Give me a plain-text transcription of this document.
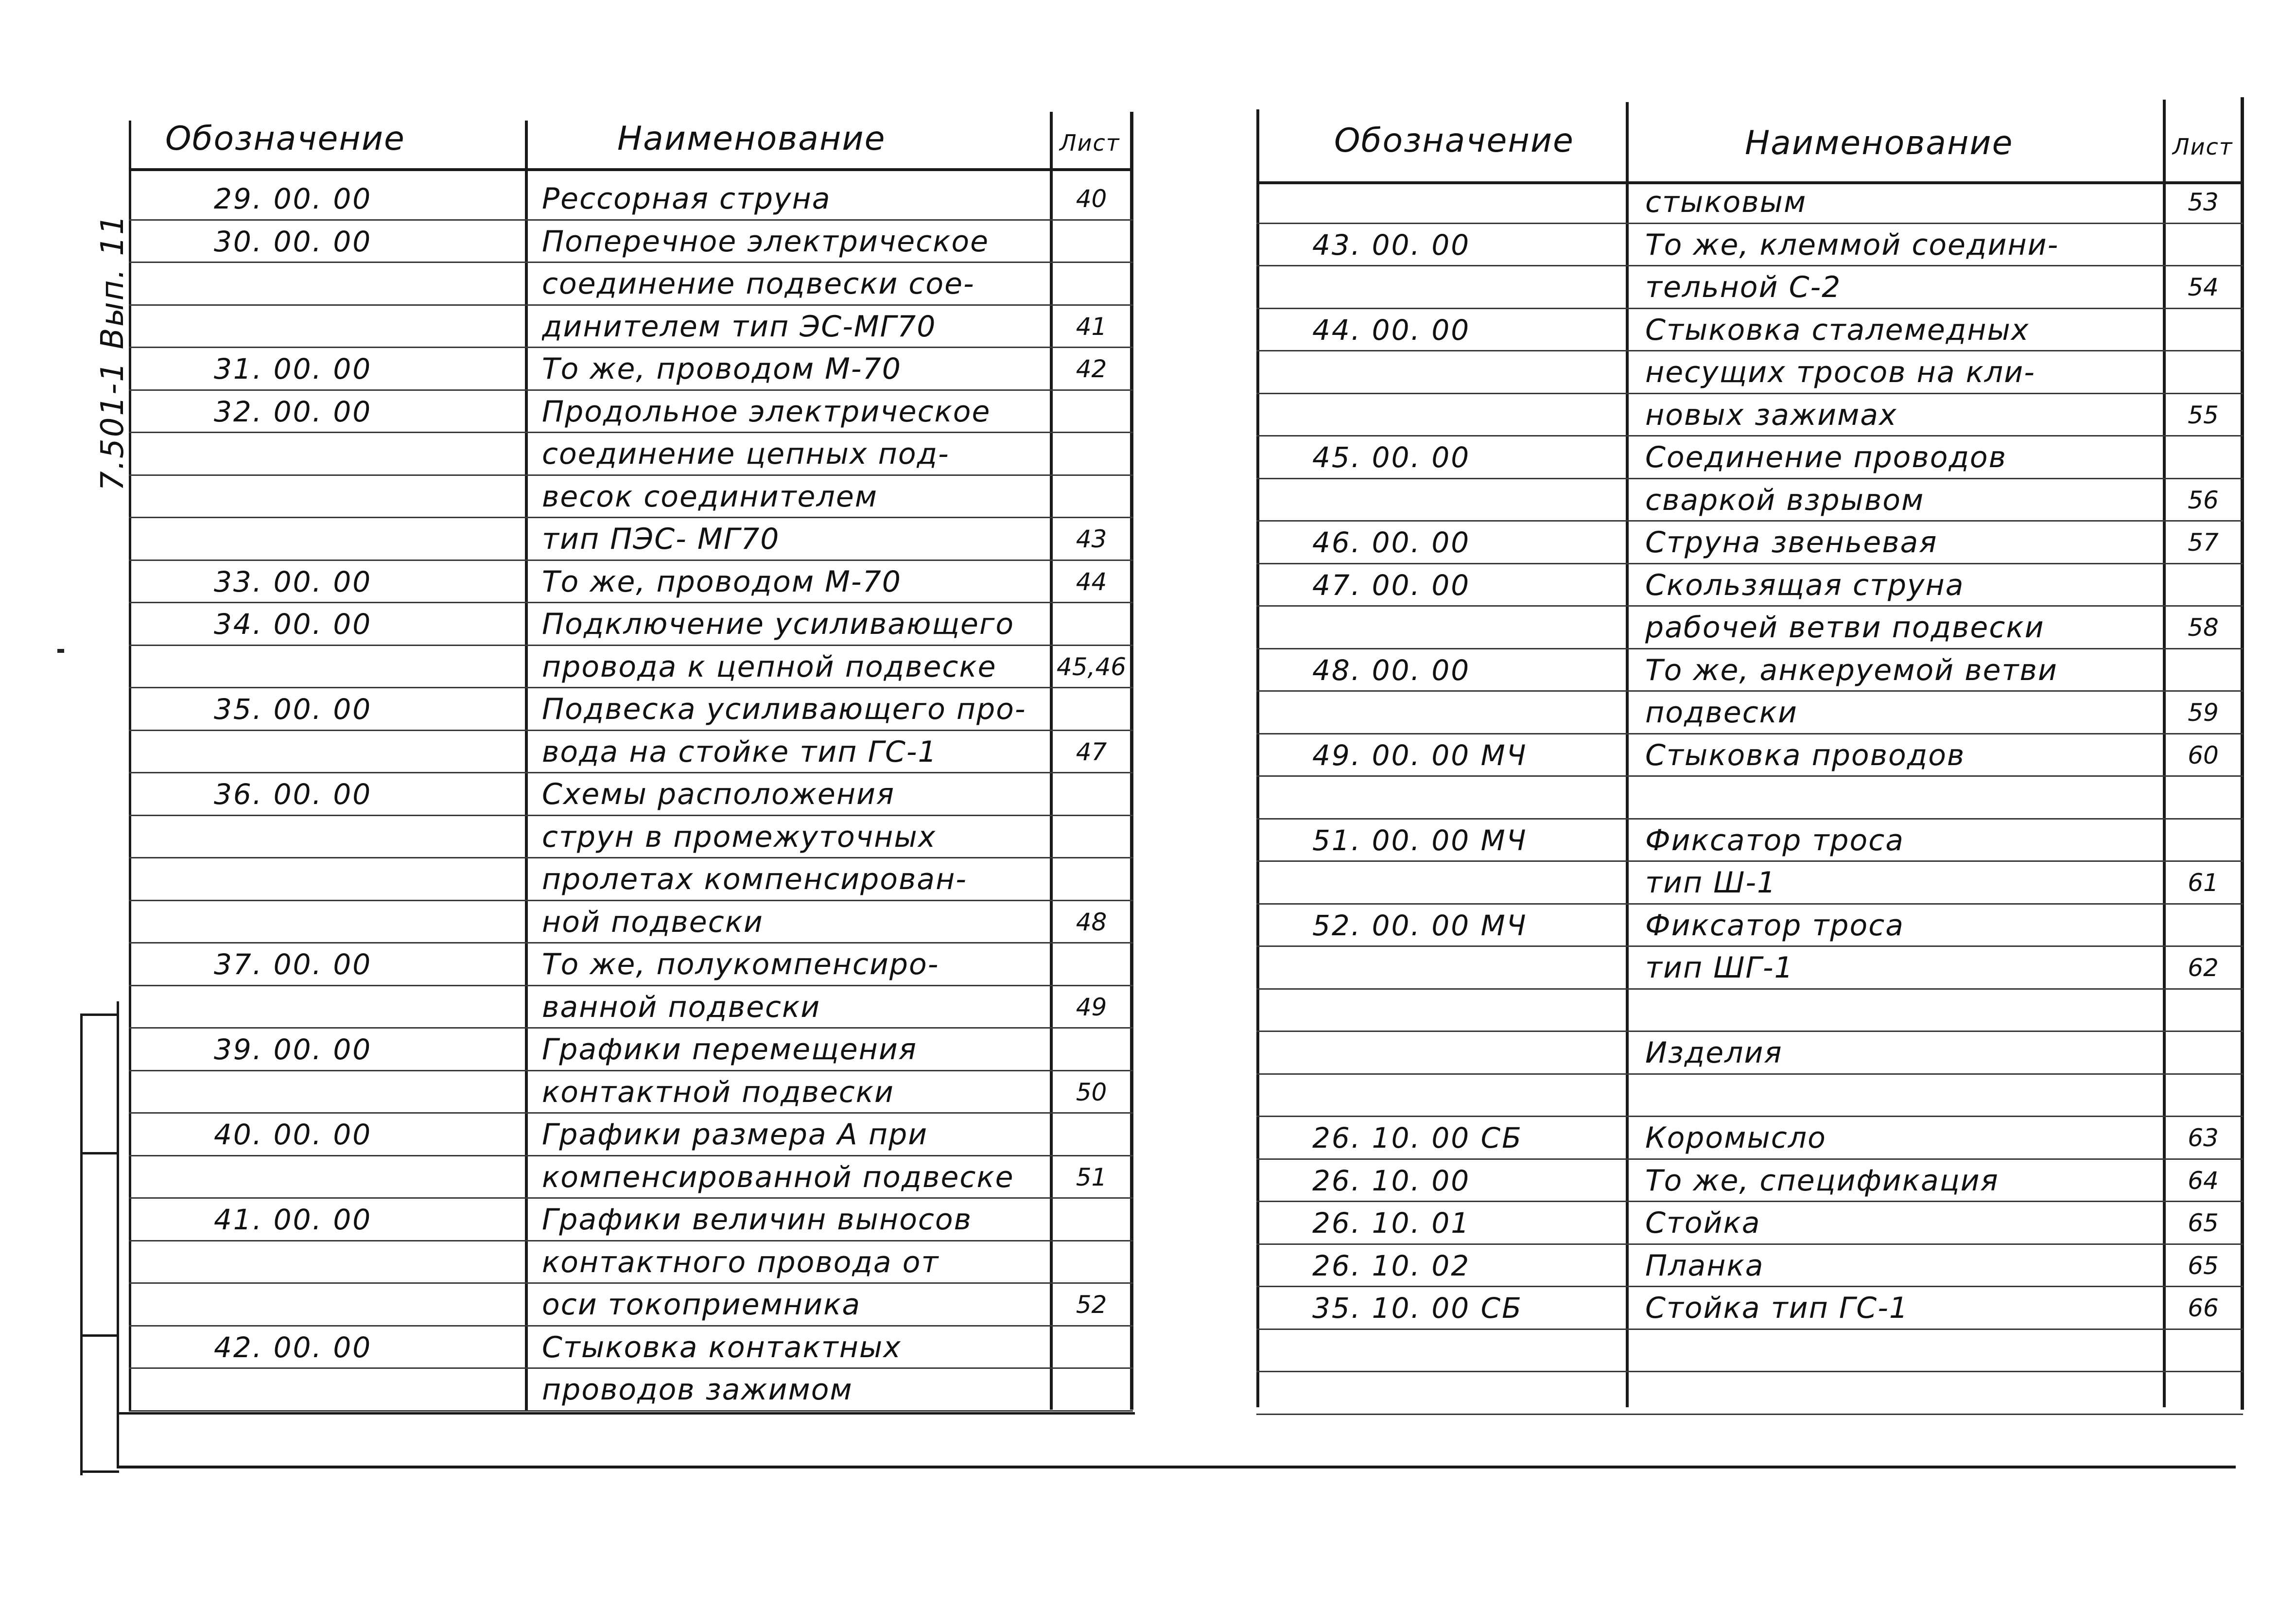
Обозначение	Наименование	Лист
29. 00. 00	Рессорная струна	40
30. 00. 00	Поперечное электрическое
соединение подвески сое-
динителем тип ЭС-МГ70	41
31. 00. 00	То же, проводом М-70	42
32. 00. 00	Продольное электрическое
соединение цепных под-
весок соединителем
тип ПЭС- МГ70	43
33. 00. 00	То же, проводом М-70	44
34. 00. 00	Подключение усиливающего
провода к цепной подвеске	45,46
35. 00. 00	Подвеска усиливающего про-
вода на стойке тип ГС-1	47
36. 00. 00	Схемы расположения
струн в промежуточных
пролетах компенсирован-
ной подвески	48
37. 00. 00	То же, полукомпенсиро-
ванной подвески	49
39. 00. 00	Графики перемещения
контактной подвески	50
40. 00. 00	Графики размера А при
компенсированной подвеске	51
41. 00. 00	Графики величин выносов
контактного провода от
оси токоприемника	52
42. 00. 00	Стыковка контактных
проводов зажимом
Обозначение	Наименование	Лист
стыковым	53
43. 00. 00	То же, клеммой соедини-
тельной С-2	54
44. 00. 00	Стыковка сталемедных
несущих тросов на кли-
новых зажимах	55
45. 00. 00	Соединение проводов
сваркой взрывом	56
46. 00. 00	Струна звеньевая	57
47. 00. 00	Скользящая струна
рабочей ветви подвески	58
48. 00. 00	То же, анкеруемой ветви
подвески	59
49. 00. 00 МЧ	Стыковка проводов	60
51. 00. 00 МЧ	Фиксатор троса
тип Ш-1	61
52. 00. 00 МЧ	Фиксатор троса
тип ШГ-1	62
Изделия
26. 10. 00 СБ	Коромысло	63
26. 10. 00	То же, спецификация	64
26. 10. 01	Стойка	65
26. 10. 02	Планка	65
35. 10. 00 СБ	Стойка тип ГС-1	66
7.501-1 Вып. 11
